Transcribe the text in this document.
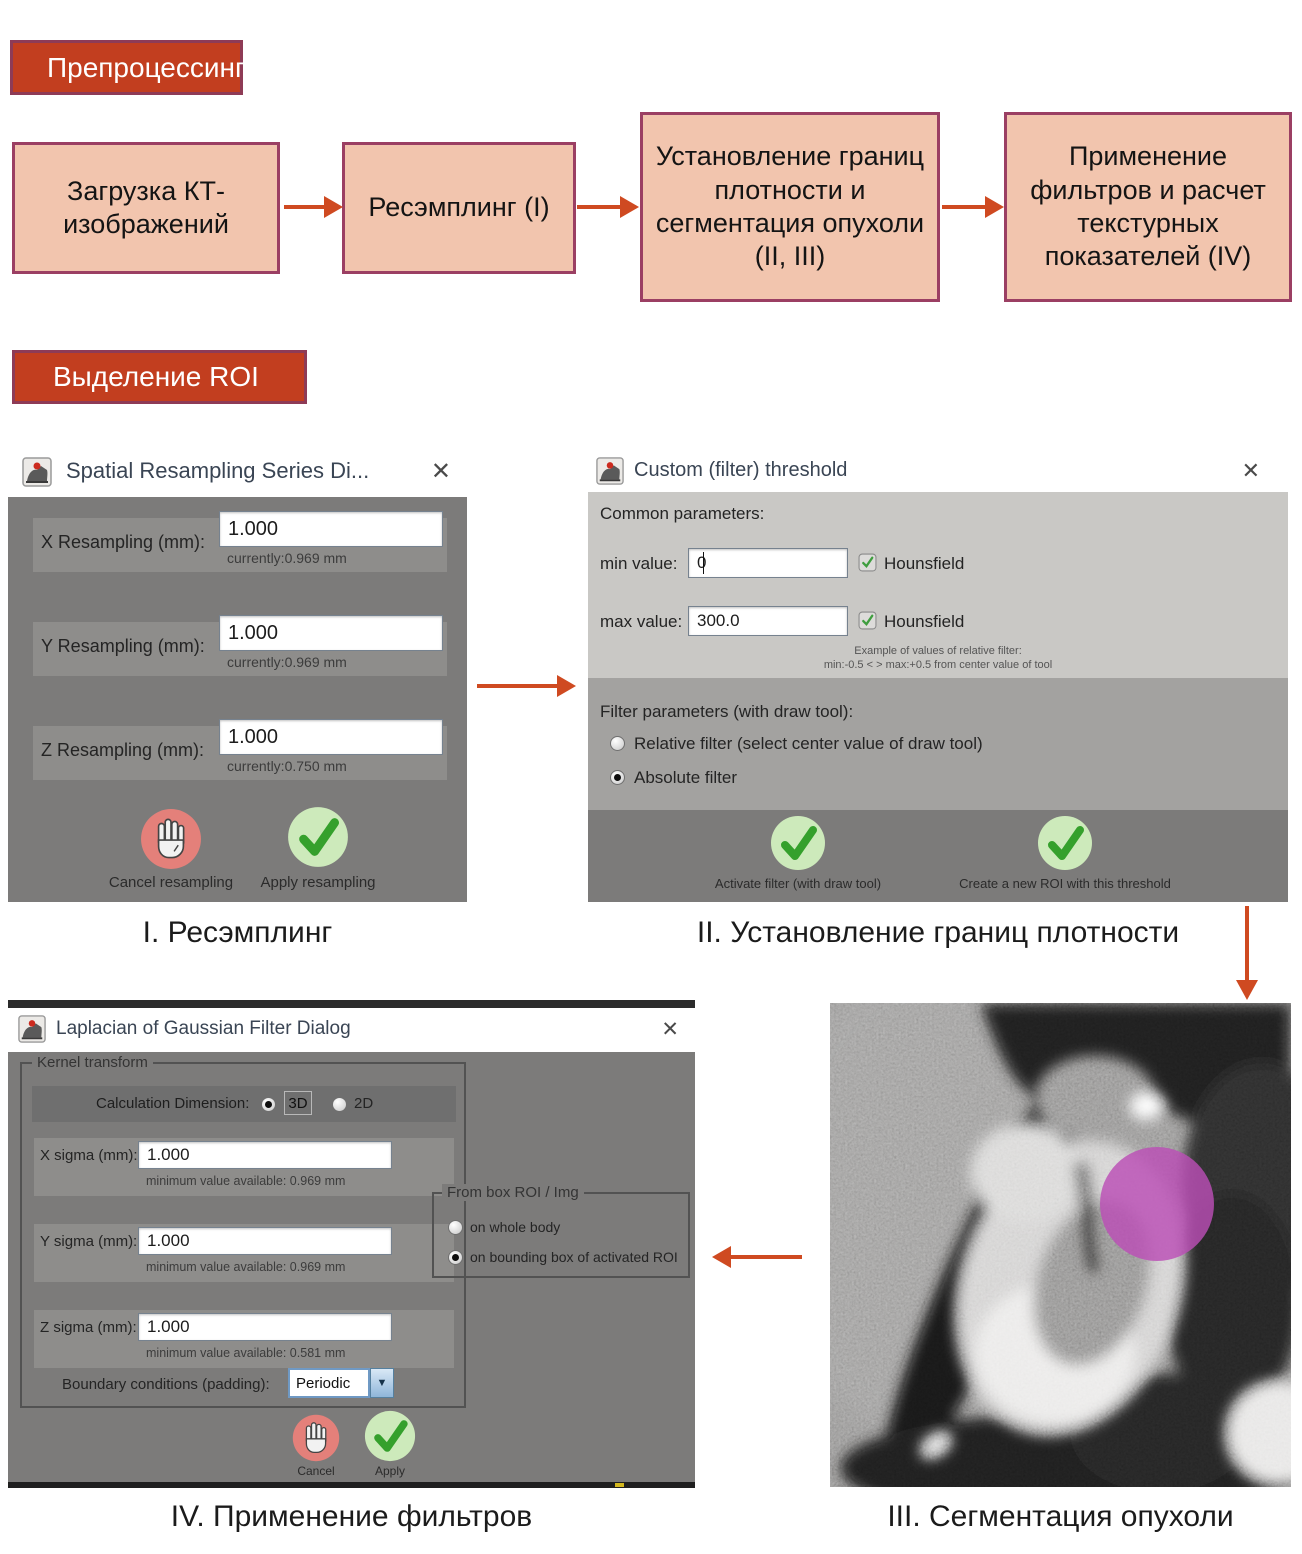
Препроцессинг
Загрузка КТ-изображений
Ресэмплинг (I)
Установление границ плотности и сегментация опухоли (II, III)
Применение фильтров и расчет текстурных показателей (IV)
Выделение ROI
Spatial Resampling Series Di...	✕
X Resampling (mm):
1.000
currently:0.969 mm
Y Resampling (mm):
1.000
currently:0.969 mm
Z Resampling (mm):
1.000
currently:0.750 mm
Cancel resampling	Apply resampling
Custom (filter) threshold	✕
Common parameters:
min value:
0	Hounsfield
max value:
300.0	Hounsfield
Example of values of relative filter:
min:-0.5 < > max:+0.5 from center value of tool
Filter parameters (with draw tool):
Relative filter (select center value of draw tool)
Absolute filter
Activate filter (with draw tool)	Create a new ROI with this threshold
I. Ресэмплинг	II. Установление границ плотности
Laplacian of Gaussian Filter Dialog	✕
Kernel transform
Calculation Dimension:	3D	2D
X sigma (mm):
1.000
minimum value available: 0.969 mm
Y sigma (mm):
1.000
minimum value available: 0.969 mm
Z sigma (mm):
1.000
minimum value available: 0.581 mm
Boundary conditions (padding): Periodic ▼
From box ROI / Img
on whole body
on bounding box of activated ROI
Cancel	Apply
IV. Применение фильтров	III. Сегментация опухоли
